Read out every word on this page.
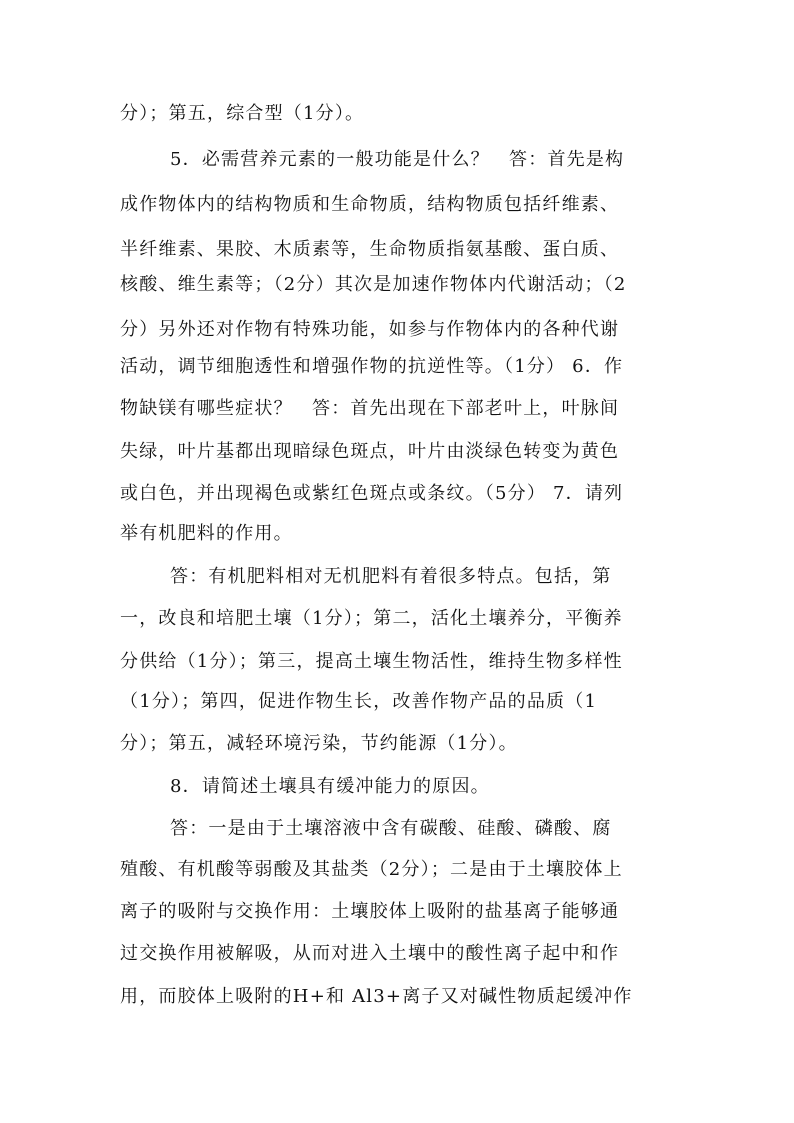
分）；第五，综合型（1分）。
5．必需营养元素的一般功能是什么？　答：首先是构
成作物体内的结构物质和生命物质，结构物质包括纤维素、
半纤维素、果胶、木质素等，生命物质指氨基酸、蛋白质、
核酸、维生素等；（2分）其次是加速作物体内代谢活动；（2
分）另外还对作物有特殊功能，如参与作物体内的各种代谢
活动，调节细胞透性和增强作物的抗逆性等。（1分） 6．作
物缺镁有哪些症状？　答：首先出现在下部老叶上，叶脉间
失绿，叶片基都出现暗绿色斑点，叶片由淡绿色转变为黄色
或白色，并出现褐色或紫红色斑点或条纹。（5分） 7．请列
举有机肥料的作用。
答：有机肥料相对无机肥料有着很多特点。包括，第
一，改良和培肥土壤（1分）；第二，活化土壤养分，平衡养
分供给（1分）；第三，提高土壤生物活性，维持生物多样性
（1分）；第四，促进作物生长，改善作物产品的品质（1
分）；第五，减轻环境污染，节约能源（1分）。
8．请简述土壤具有缓冲能力的原因。
答：一是由于土壤溶液中含有碳酸、硅酸、磷酸、腐
殖酸、有机酸等弱酸及其盐类（2分）；二是由于土壤胶体上
离子的吸附与交换作用：土壤胶体上吸附的盐基离子能够通
过交换作用被解吸，从而对进入土壤中的酸性离子起中和作
用，而胶体上吸附的H+和 Al3+离子又对碱性物质起缓冲作
